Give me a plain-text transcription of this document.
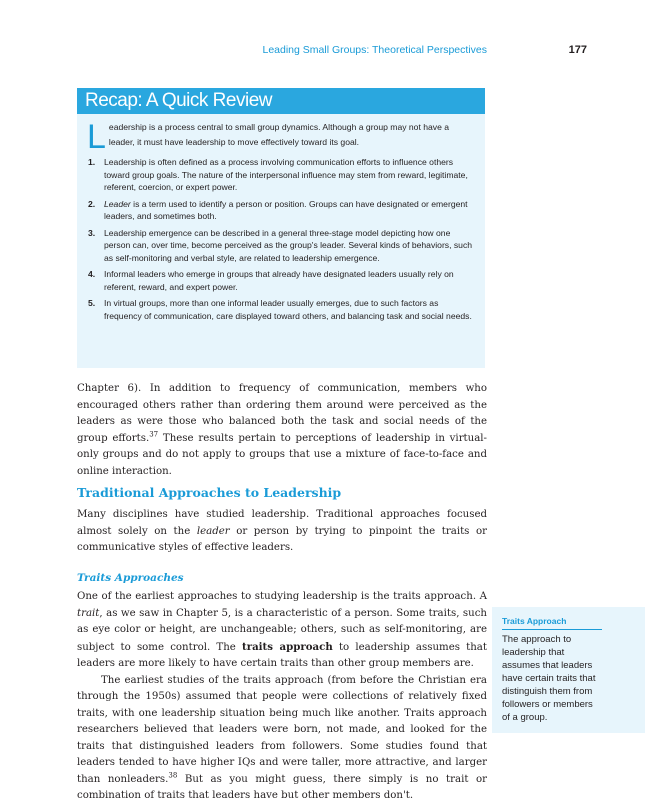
Leading Small Groups: Theoretical Perspectives	177
Recap: A Quick Review
Leadership is a process central to small group dynamics. Although a group may not have a leader, it must have leadership to move effectively toward its goal.
1. Leadership is often defined as a process involving communication efforts to influence others toward group goals. The nature of the interpersonal influence may stem from reward, legitimate, referent, coercion, or expert power.
2. Leader is a term used to identify a person or position. Groups can have designated or emergent leaders, and sometimes both.
3. Leadership emergence can be described in a general three-stage model depicting how one person can, over time, become perceived as the group's leader. Several kinds of behaviors, such as self-monitoring and verbal style, are related to leadership emergence.
4. Informal leaders who emerge in groups that already have designated leaders usually rely on referent, reward, and expert power.
5. In virtual groups, more than one informal leader usually emerges, due to such factors as frequency of communication, care displayed toward others, and balancing task and social needs.

Chapter 6). In addition to frequency of communication, members who encouraged others rather than ordering them around were perceived as the leaders as were those who balanced both the task and social needs of the group efforts.$^{37}$ These results pertain to perceptions of leadership in virtual-only groups and do not apply to groups that use a mixture of face-to-face and online interaction.

Traditional Approaches to Leadership

Many disciplines have studied leadership. Traditional approaches focused almost solely on the leader or person by trying to pinpoint the traits or communicative styles of effective leaders.

Traits Approaches

One of the earliest approaches to studying leadership is the traits approach. A trait, as we saw in Chapter 5, is a characteristic of a person. Some traits, such as eye color or height, are unchangeable; others, such as self-monitoring, are subject to some control. The traits approach to leadership assumes that leaders are more likely to have certain traits than other group members are.

The earliest studies of the traits approach (from before the Christian era through the 1950s) assumed that people were collections of relatively fixed traits, with one leadership situation being much like another. Traits approach researchers believed that leaders were born, not made, and looked for the traits that distinguished leaders from followers. Some studies found that leaders tended to have higher IQs and were taller, more attractive, and larger than nonleaders.$^{38}$ But as you might guess, there simply is no trait or combination of traits that leaders have but other members don't.

Traits Approach
The approach to leadership that assumes that leaders have certain traits that distinguish them from followers or members of a group.
